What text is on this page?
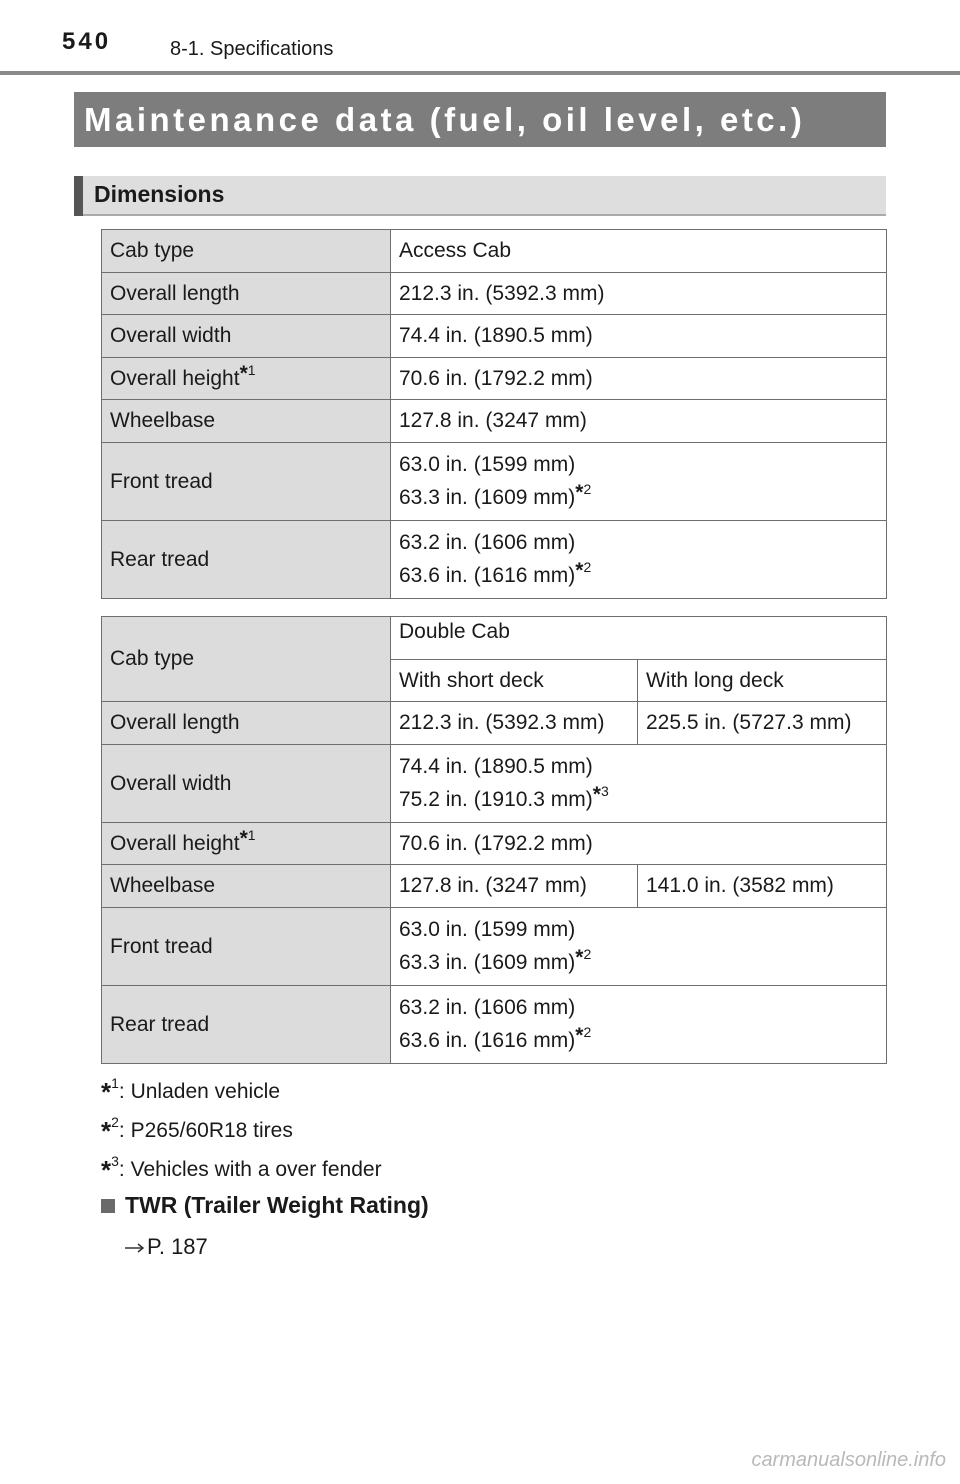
540	8-1. Specifications
Maintenance data (fuel, oil level, etc.)
Dimensions
Cab type	Access Cab
Overall length	212.3 in. (5392.3 mm)
Overall width	74.4 in. (1890.5 mm)
Overall height$^{*1}$	70.6 in. (1792.2 mm)
Wheelbase	127.8 in. (3247 mm)
Front tread	63.0 in. (1599 mm)
63.3 in. (1609 mm)$^{*2}$

Rear tread	63.2 in. (1606 mm)
63.6 in. (1616 mm)$^{*2}$
Cab type	Double Cab	
	With short deck	With long deck
Overall length	212.3 in. (5392.3 mm)	225.5 in. (5727.3 mm)
Overall width	74.4 in. (1890.5 mm)
75.2 in. (1910.3 mm)$^{*3}$

Overall height$^{*1}$	70.6 in. (1792.2 mm)	
Wheelbase	127.8 in. (3247 mm)	141.0 in. (3582 mm)
Front tread	63.0 in. (1599 mm)
63.3 in. (1609 mm)$^{*2}$

Rear tread	63.2 in. (1606 mm)
63.6 in. (1616 mm)$^{*2}$
*$^1$: Unladen vehicle
*$^2$: P265/60R18 tires
*$^3$: Vehicles with a over fender
TWR (Trailer Weight Rating)
P. 187
carmanualsonline.info
